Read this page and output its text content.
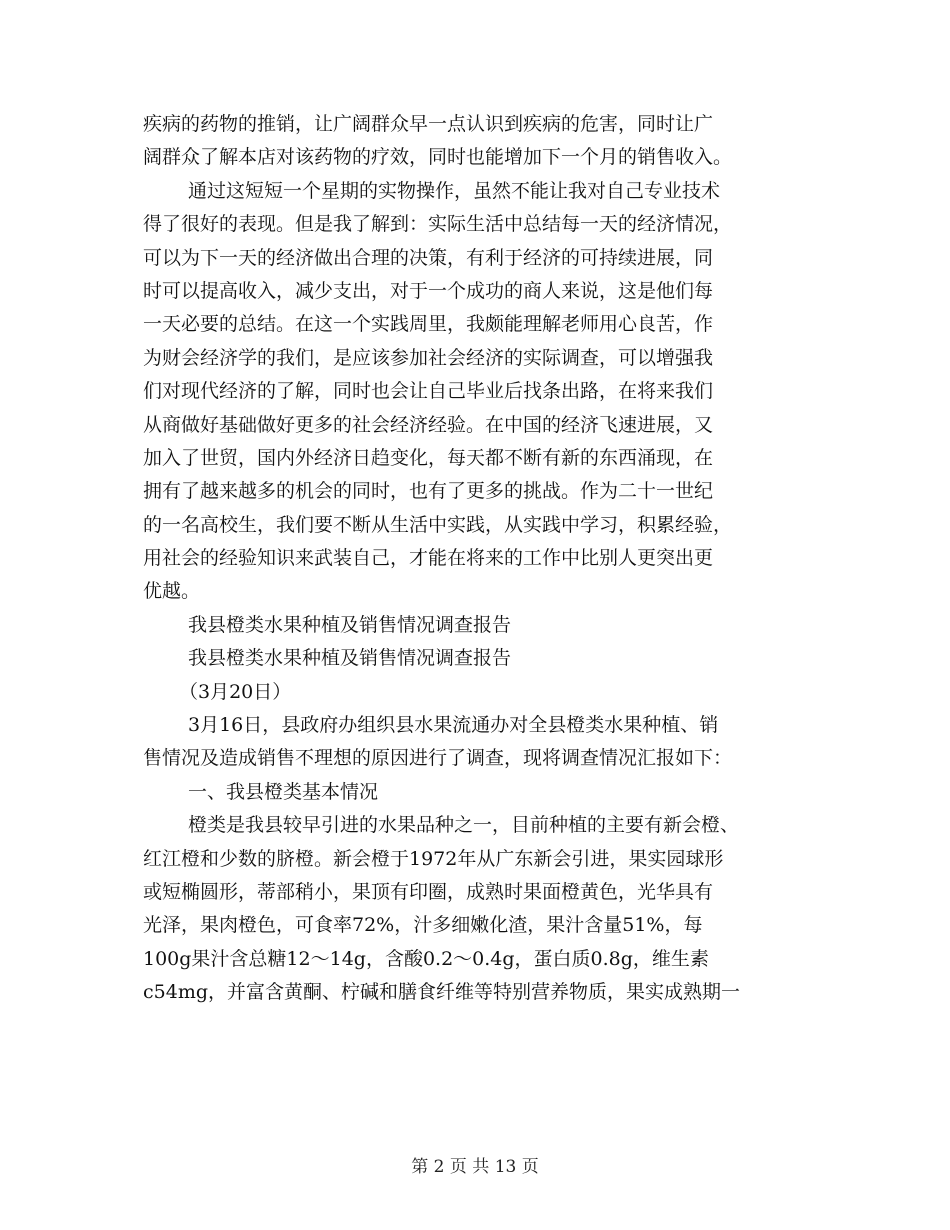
疾病的药物的推销，让广阔群众早一点认识到疾病的危害，同时让广
阔群众了解本店对该药物的疗效，同时也能增加下一个月的销售收入。
通过这短短一个星期的实物操作，虽然不能让我对自己专业技术
得了很好的表现。但是我了解到：实际生活中总结每一天的经济情况，
可以为下一天的经济做出合理的决策，有利于经济的可持续进展，同
时可以提高收入，减少支出，对于一个成功的商人来说，这是他们每
一天必要的总结。在这一个实践周里，我颇能理解老师用心良苦，作
为财会经济学的我们，是应该参加社会经济的实际调查，可以增强我
们对现代经济的了解，同时也会让自己毕业后找条出路，在将来我们
从商做好基础做好更多的社会经济经验。在中国的经济飞速进展，又
加入了世贸，国内外经济日趋变化，每天都不断有新的东西涌现，在
拥有了越来越多的机会的同时，也有了更多的挑战。作为二十一世纪
的一名高校生，我们要不断从生活中实践，从实践中学习，积累经验，
用社会的经验知识来武装自己，才能在将来的工作中比别人更突出更
优越。
我县橙类水果种植及销售情况调查报告
我县橙类水果种植及销售情况调查报告
（3月20日）
3月16日，县政府办组织县水果流通办对全县橙类水果种植、销
售情况及造成销售不理想的原因进行了调查，现将调查情况汇报如下：
一、我县橙类基本情况
橙类是我县较早引进的水果品种之一，目前种植的主要有新会橙、
红江橙和少数的脐橙。新会橙于1972年从广东新会引进，果实园球形
或短椭圆形，蒂部稍小，果顶有印圈，成熟时果面橙黄色，光华具有
光泽，果肉橙色，可食率72%，汁多细嫩化渣，果汁含量51%，每
100g果汁含总糖12～14g，含酸0.2～0.4g，蛋白质0.8g，维生素
c54mg，并富含黄酮、柠碱和膳食纤维等特别营养物质，果实成熟期一
第 2 页 共 13 页
